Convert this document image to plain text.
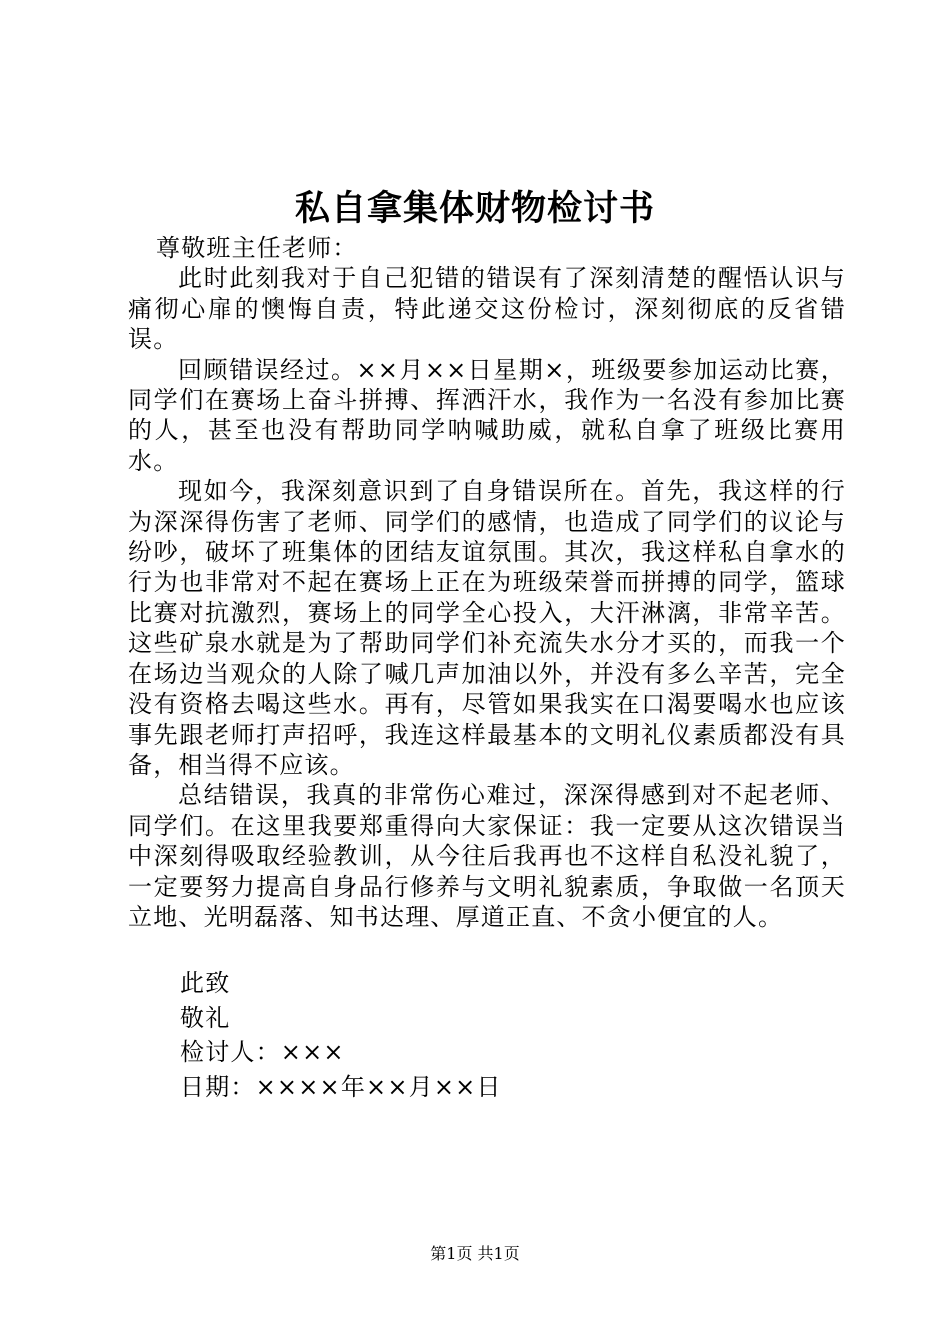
私自拿集体财物检讨书

尊敬班主任老师：

此时此刻我对于自己犯错的错误有了深刻清楚的醒悟认识与痛彻心扉的懊悔自责，特此递交这份检讨，深刻彻底的反省错误。

回顾错误经过。××月××日星期×，班级要参加运动比赛，同学们在赛场上奋斗拼搏、挥洒汗水，我作为一名没有参加比赛的人，甚至也没有帮助同学呐喊助威，就私自拿了班级比赛用水。

现如今，我深刻意识到了自身错误所在。首先，我这样的行为深深得伤害了老师、同学们的感情，也造成了同学们的议论与纷吵，破坏了班集体的团结友谊氛围。其次，我这样私自拿水的行为也非常对不起在赛场上正在为班级荣誉而拼搏的同学，篮球比赛对抗激烈，赛场上的同学全心投入，大汗淋漓，非常辛苦。这些矿泉水就是为了帮助同学们补充流失水分才买的，而我一个在场边当观众的人除了喊几声加油以外，并没有多么辛苦，完全没有资格去喝这些水。再有，尽管如果我实在口渴要喝水也应该事先跟老师打声招呼，我连这样最基本的文明礼仪素质都没有具备，相当得不应该。

总结错误，我真的非常伤心难过，深深得感到对不起老师、同学们。在这里我要郑重得向大家保证：我一定要从这次错误当中深刻得吸取经验教训，从今往后我再也不这样自私没礼貌了，一定要努力提高自身品行修养与文明礼貌素质，争取做一名顶天立地、光明磊落、知书达理、厚道正直、不贪小便宜的人。

此致
敬礼
检讨人：×××
日期：××××年××月××日
第1页 共1页
